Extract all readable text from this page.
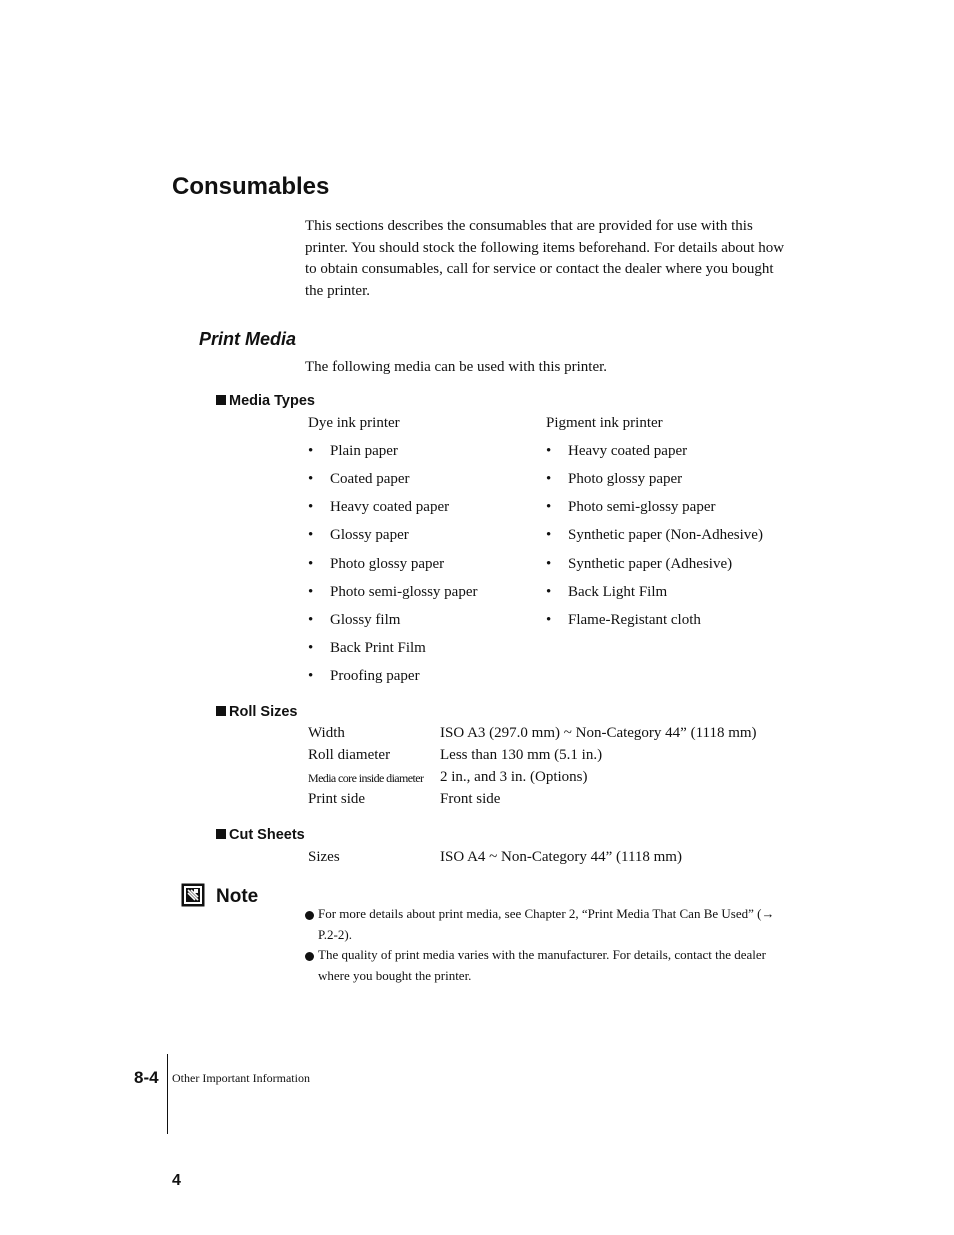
Consumables

This sections describes the consumables that are provided for use with this printer. You should stock the following items beforehand. For details about how to obtain consumables, call for service or contact the dealer where you bought the printer.

Print Media

The following media can be used with this printer.

Media Types
Dye ink printer
• Plain paper
• Coated paper
• Heavy coated paper
• Glossy paper
• Photo glossy paper
• Photo semi-glossy paper
• Glossy film
• Back Print Film
• Proofing paper
Pigment ink printer
• Heavy coated paper
• Photo glossy paper
• Photo semi-glossy paper
• Synthetic paper (Non-Adhesive)
• Synthetic paper (Adhesive)
• Back Light Film
• Flame-Registant cloth
Roll Sizes
Width	ISO A3 (297.0 mm) ~ Non-Category 44” (1118 mm)
Roll diameter	Less than 130 mm (5.1 in.)
Media core inside diameter 2 in., and 3 in. (Options)
Print side	Front side
Cut Sheets
Sizes	ISO A4 ~ Non-Category 44” (1118 mm)
Note
For more details about print media, see Chapter 2, “Print Media That Can Be Used” (→ P.2-2).
The quality of print media varies with the manufacturer. For details, contact the dealer where you bought the printer.
8-4 Other Important Information
4
